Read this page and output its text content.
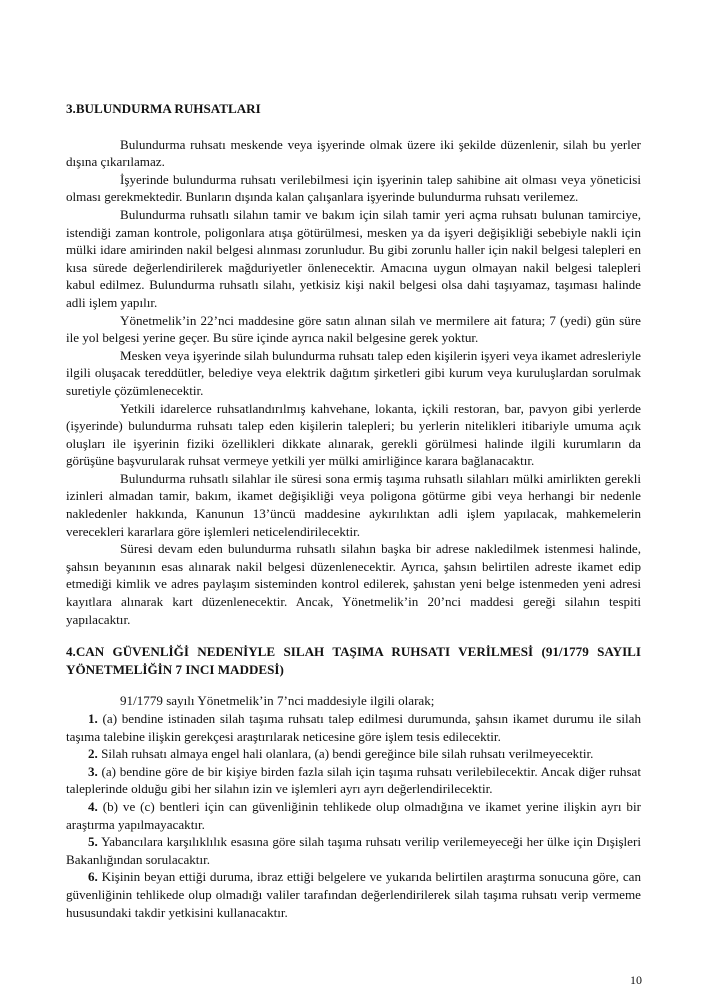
3.BULUNDURMA RUHSATLARI

Bulundurma ruhsatı meskende veya işyerinde olmak üzere iki şekilde düzenlenir, silah bu yerler dışına çıkarılamaz.

İşyerinde bulundurma ruhsatı verilebilmesi için işyerinin talep sahibine ait olması veya yöneticisi olması gerekmektedir. Bunların dışında kalan çalışanlara işyerinde bulundurma ruhsatı verilemez.

Bulundurma ruhsatlı silahın tamir ve bakım için silah tamir yeri açma ruhsatı bulunan tamirciye, istendiği zaman kontrole, poligonlara atışa götürülmesi, mesken ya da işyeri değişikliği sebebiyle nakli için mülki idare amirinden nakil belgesi alınması zorunludur. Bu gibi zorunlu haller için nakil belgesi talepleri en kısa sürede değerlendirilerek mağduriyetler önlenecektir. Amacına uygun olmayan nakil belgesi talepleri kabul edilmez. Bulundurma ruhsatlı silahı, yetkisiz kişi nakil belgesi olsa dahi taşıyamaz, taşıması halinde adli işlem yapılır.

Yönetmelik’in 22’nci maddesine göre satın alınan silah ve mermilere ait fatura; 7 (yedi) gün süre ile yol belgesi yerine geçer. Bu süre içinde ayrıca nakil belgesine gerek yoktur.

Mesken veya işyerinde silah bulundurma ruhsatı talep eden kişilerin işyeri veya ikamet adresleriyle ilgili oluşacak tereddütler, belediye veya elektrik dağıtım şirketleri gibi kurum veya kuruluşlardan sorulmak suretiyle çözümlenecektir.

Yetkili idarelerce ruhsatlandırılmış kahvehane, lokanta, içkili restoran, bar, pavyon gibi yerlerde (işyerinde) bulundurma ruhsatı talep eden kişilerin talepleri; bu yerlerin nitelikleri itibariyle umuma açık oluşları ile işyerinin fiziki özellikleri dikkate alınarak, gerekli görülmesi halinde ilgili kurumların da görüşüne başvurularak ruhsat vermeye yetkili yer mülki amirliğince karara bağlanacaktır.

Bulundurma ruhsatlı silahlar ile süresi sona ermiş taşıma ruhsatlı silahları mülki amirlikten gerekli izinleri almadan tamir, bakım, ikamet değişikliği veya poligona götürme gibi veya herhangi bir nedenle nakledenler hakkında, Kanunun 13’üncü maddesine aykırılıktan adli işlem yapılacak, mahkemelerin verecekleri kararlara göre işlemleri neticelendirilecektir.

Süresi devam eden bulundurma ruhsatlı silahın başka bir adrese nakledilmek istenmesi halinde, şahsın beyanının esas alınarak nakil belgesi düzenlenecektir. Ayrıca, şahsın belirtilen adreste ikamet edip etmediği kimlik ve adres paylaşım sisteminden kontrol edilerek, şahıstan yeni belge istenmeden yeni adresi kayıtlara alınarak kart düzenlenecektir. Ancak, Yönetmelik’in 20’nci maddesi gereği silahın tespiti yapılacaktır.

4.CAN GÜVENLİĞİ NEDENİYLE SILAH TAŞIMA RUHSATI VERİLMESİ (91/1779 SAYILI YÖNETMELİĞİN 7 INCI MADDESİ)

91/1779 sayılı Yönetmelik’in 7’nci maddesiyle ilgili olarak;

1. (a) bendine istinaden silah taşıma ruhsatı talep edilmesi durumunda, şahsın ikamet durumu ile silah taşıma talebine ilişkin gerekçesi araştırılarak neticesine göre işlem tesis edilecektir.

2. Silah ruhsatı almaya engel hali olanlara, (a) bendi gereğince bile silah ruhsatı verilmeyecektir.

3. (a) bendine göre de bir kişiye birden fazla silah için taşıma ruhsatı verilebilecektir. Ancak diğer ruhsat taleplerinde olduğu gibi her silahın izin ve işlemleri ayrı ayrı değerlendirilecektir.

4. (b) ve (c) bentleri için can güvenliğinin tehlikede olup olmadığına ve ikamet yerine ilişkin ayrı bir araştırma yapılmayacaktır.

5. Yabancılara karşılıklılık esasına göre silah taşıma ruhsatı verilip verilemeyeceği her ülke için Dışişleri Bakanlığından sorulacaktır.

6. Kişinin beyan ettiği duruma, ibraz ettiği belgelere ve yukarıda belirtilen araştırma sonucuna göre, can güvenliğinin tehlikede olup olmadığı valiler tarafından değerlendirilerek silah taşıma ruhsatı verip vermeme hususundaki takdir yetkisini kullanacaktır.

10
